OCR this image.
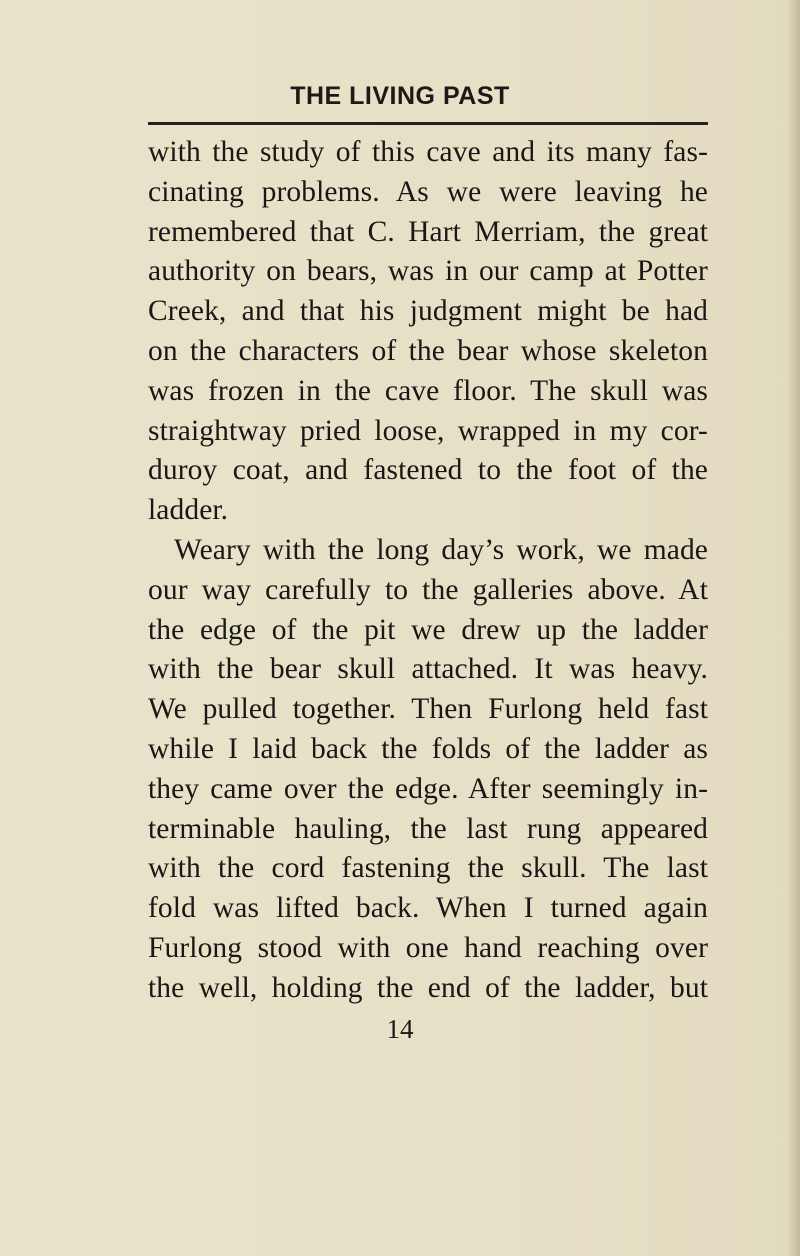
THE LIVING PAST
with the study of this cave and its many fas-
cinating problems. As we were leaving he
remembered that C. Hart Merriam, the great
authority on bears, was in our camp at Potter
Creek, and that his judgment might be had
on the characters of the bear whose skeleton
was frozen in the cave floor. The skull was
straightway pried loose, wrapped in my cor-
duroy coat, and fastened to the foot of the
ladder.
Weary with the long day’s work, we made
our way carefully to the galleries above. At
the edge of the pit we drew up the ladder
with the bear skull attached. It was heavy.
We pulled together. Then Furlong held fast
while I laid back the folds of the ladder as
they came over the edge. After seemingly in-
terminable hauling, the last rung appeared
with the cord fastening the skull. The last
fold was lifted back. When I turned again
Furlong stood with one hand reaching over
the well, holding the end of the ladder, but
14
